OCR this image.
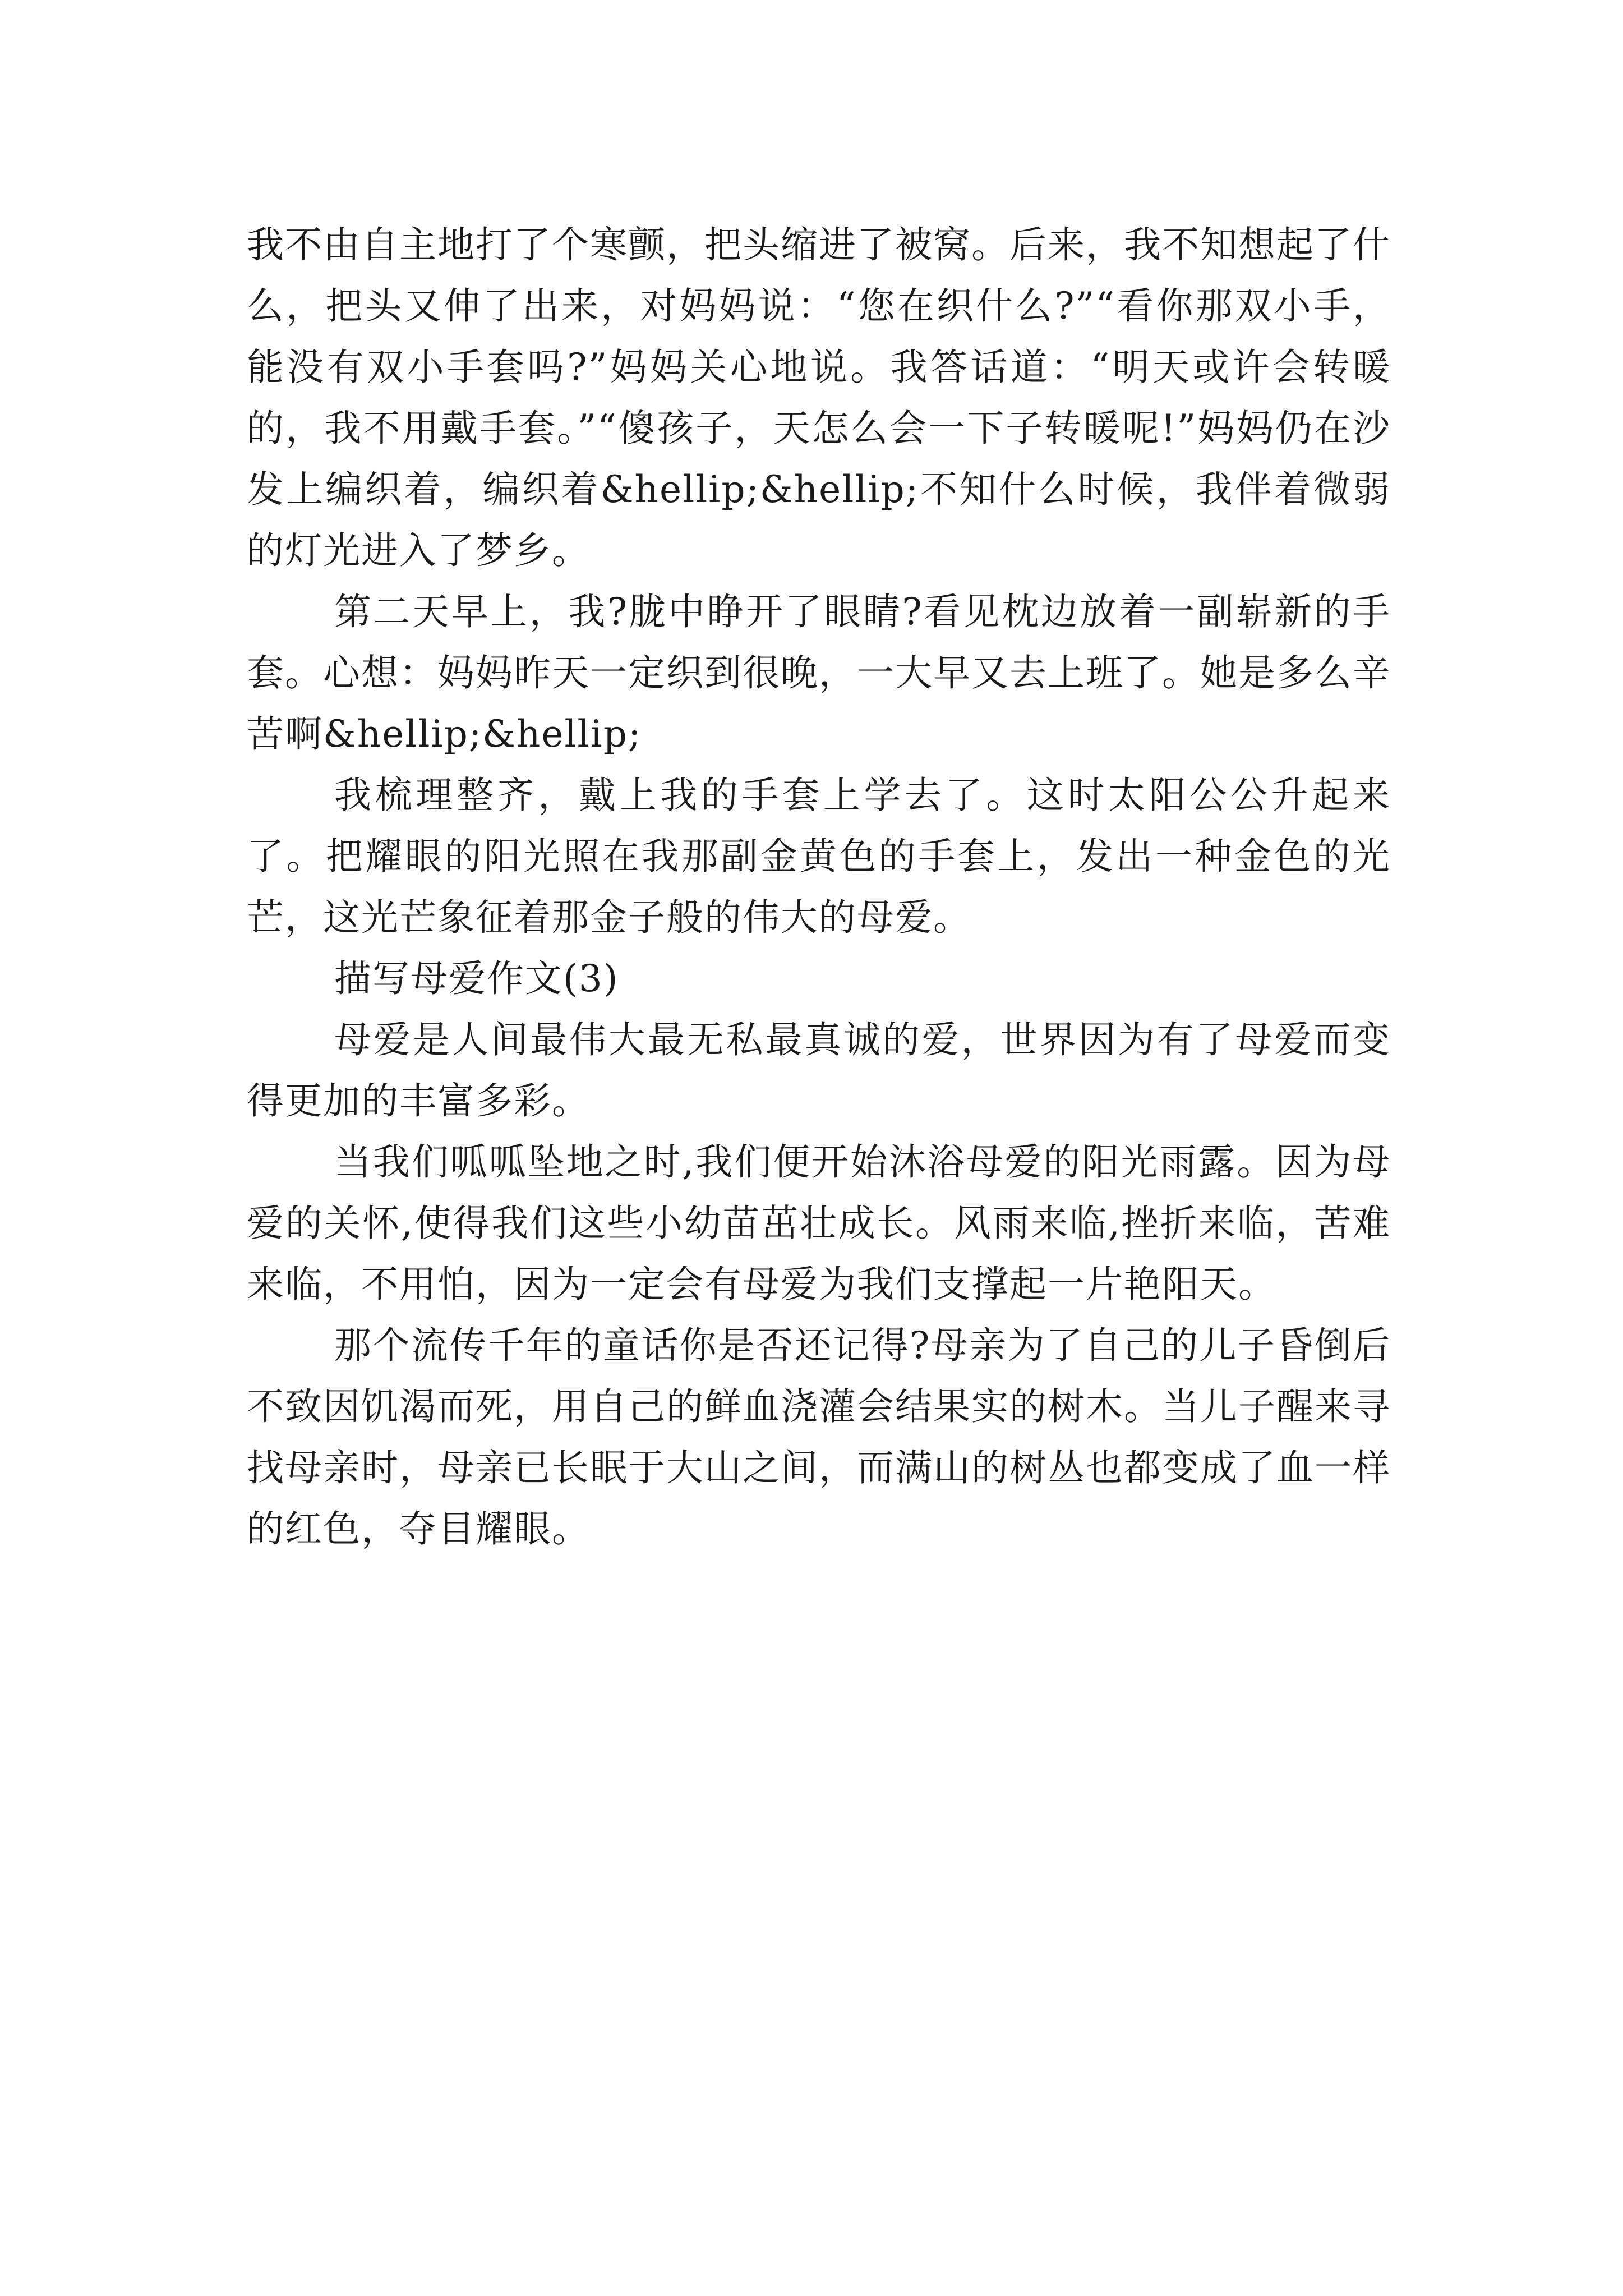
我不由自主地打了个寒颤，把头缩进了被窝。后来，我不知想起了什么，把头又伸了出来，对妈妈说：“您在织什么?”“看你那双小手，能没有双小手套吗?”妈妈关心地说。我答话道：“明天或许会转暖的，我不用戴手套。”“傻孩子，天怎么会一下子转暖呢!”妈妈仍在沙发上编织着，编织着&hellip;&hellip;不知什么时候，我伴着微弱的灯光进入了梦乡。

第二天早上，我?胧中睁开了眼睛?看见枕边放着一副崭新的手套。心想：妈妈昨天一定织到很晚，一大早又去上班了。她是多么辛苦啊&hellip;&hellip;

我梳理整齐，戴上我的手套上学去了。这时太阳公公升起来了。把耀眼的阳光照在我那副金黄色的手套上，发出一种金色的光芒，这光芒象征着那金子般的伟大的母爱。

描写母爱作文(3)

母爱是人间最伟大最无私最真诚的爱，世界因为有了母爱而变得更加的丰富多彩。

当我们呱呱坠地之时,我们便开始沐浴母爱的阳光雨露。因为母爱的关怀,使得我们这些小幼苗茁壮成长。风雨来临,挫折来临，苦难来临，不用怕，因为一定会有母爱为我们支撑起一片艳阳天。

那个流传千年的童话你是否还记得?母亲为了自己的儿子昏倒后不致因饥渴而死，用自己的鲜血浇灌会结果实的树木。当儿子醒来寻找母亲时，母亲已长眠于大山之间，而满山的树丛也都变成了血一样的红色，夺目耀眼。
